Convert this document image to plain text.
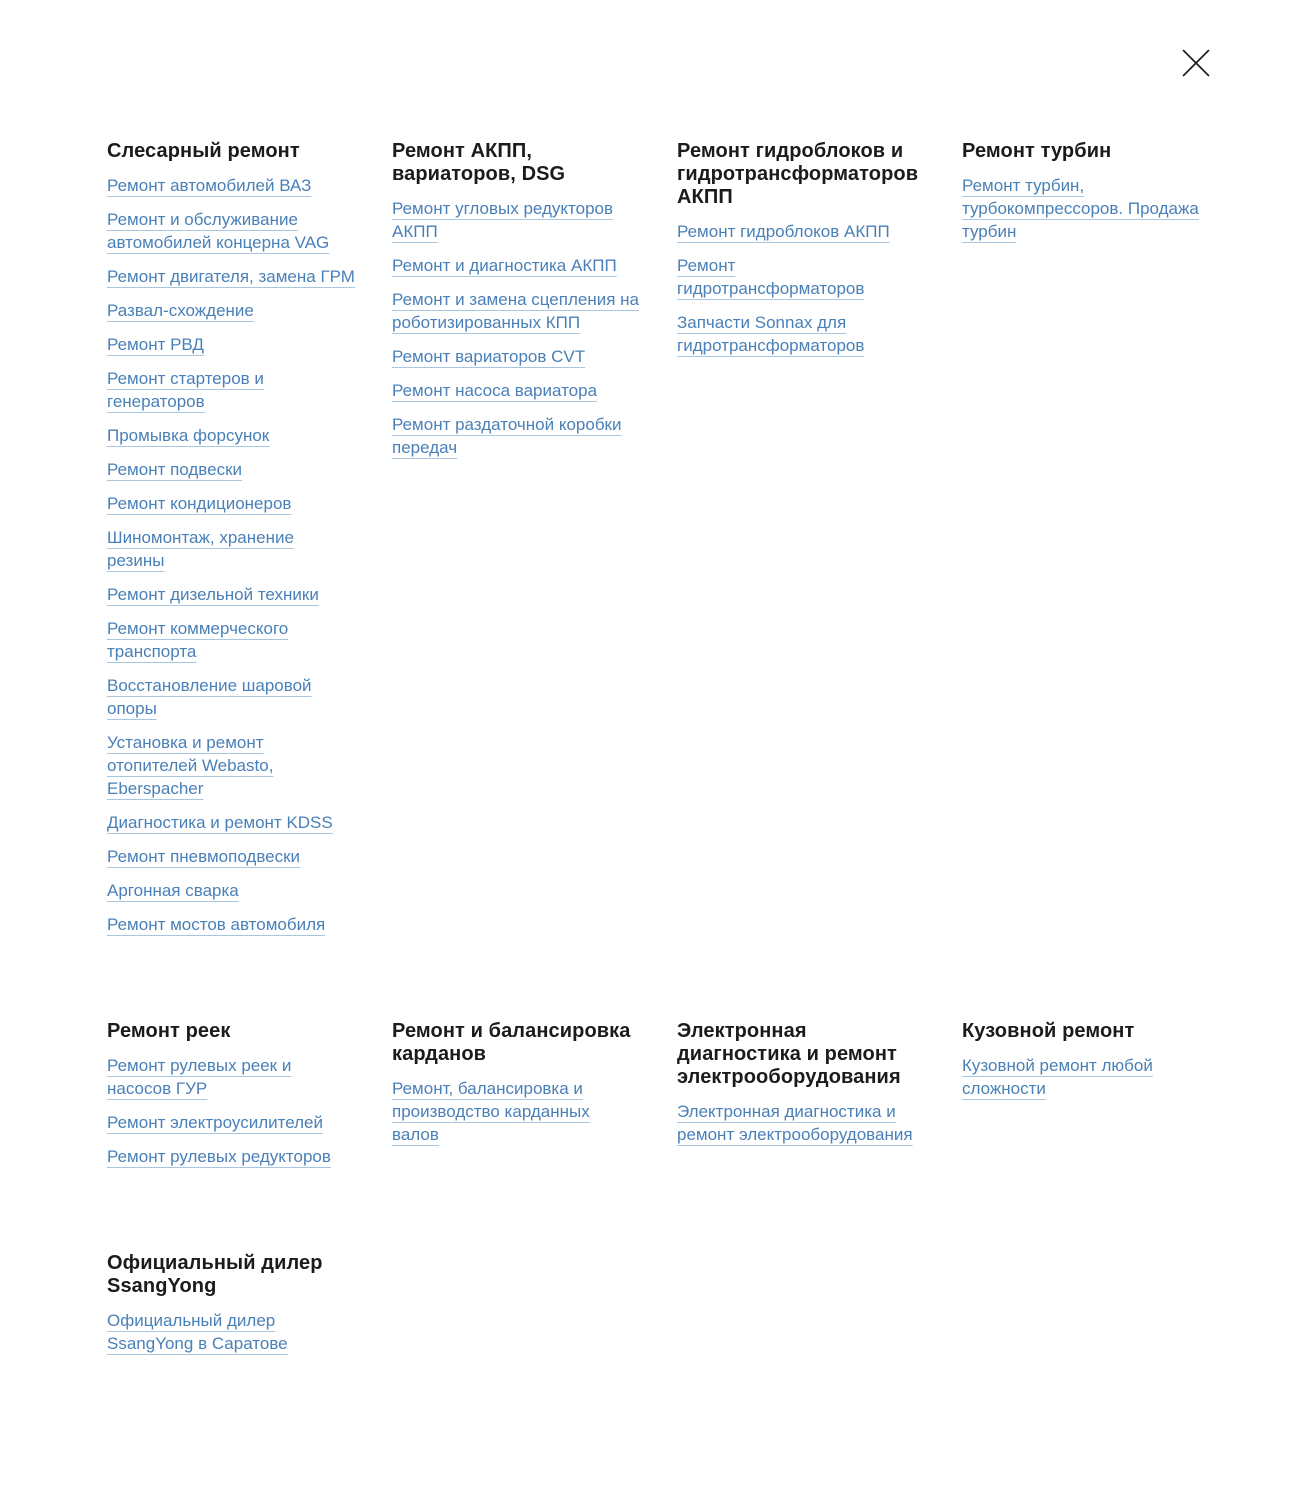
Слесарный ремонт
Ремонт автомобилей ВАЗ
Ремонт и обслуживание автомобилей концерна VAG
Ремонт двигателя, замена ГРМ
Развал-схождение
Ремонт РВД
Ремонт стартеров и генераторов
Промывка форсунок
Ремонт подвески
Ремонт кондиционеров
Шиномонтаж, хранение резины
Ремонт дизельной техники
Ремонт коммерческого транспорта
Восстановление шаровой опоры
Установка и ремонт отопителей Webasto, Eberspacher
Диагностика и ремонт KDSS
Ремонт пневмоподвески
Аргонная сварка
Ремонт мостов автомобиля
Ремонт АКПП, вариаторов, DSG
Ремонт угловых редукторов АКПП
Ремонт и диагностика АКПП
Ремонт и замена сцепления на роботизированных КПП
Ремонт вариаторов CVT
Ремонт насоса вариатора
Ремонт раздаточной коробки передач
Ремонт гидроблоков и гидротрансформаторов АКПП
Ремонт гидроблоков АКПП
Ремонт гидротрансформаторов
Запчасти Sonnax для гидротрансформаторов
Ремонт турбин
Ремонт турбин, турбокомпрессоров. Продажа турбин
Ремонт реек
Ремонт рулевых реек и насосов ГУР
Ремонт электроусилителей
Ремонт рулевых редукторов
Ремонт и балансировка карданов
Ремонт, балансировка и производство карданных валов
Электронная диагностика и ремонт электрооборудования
Электронная диагностика и ремонт электрооборудования
Кузовной ремонт
Кузовной ремонт любой сложности
Официальный дилер SsangYong
Официальный дилер SsangYong в Саратове
